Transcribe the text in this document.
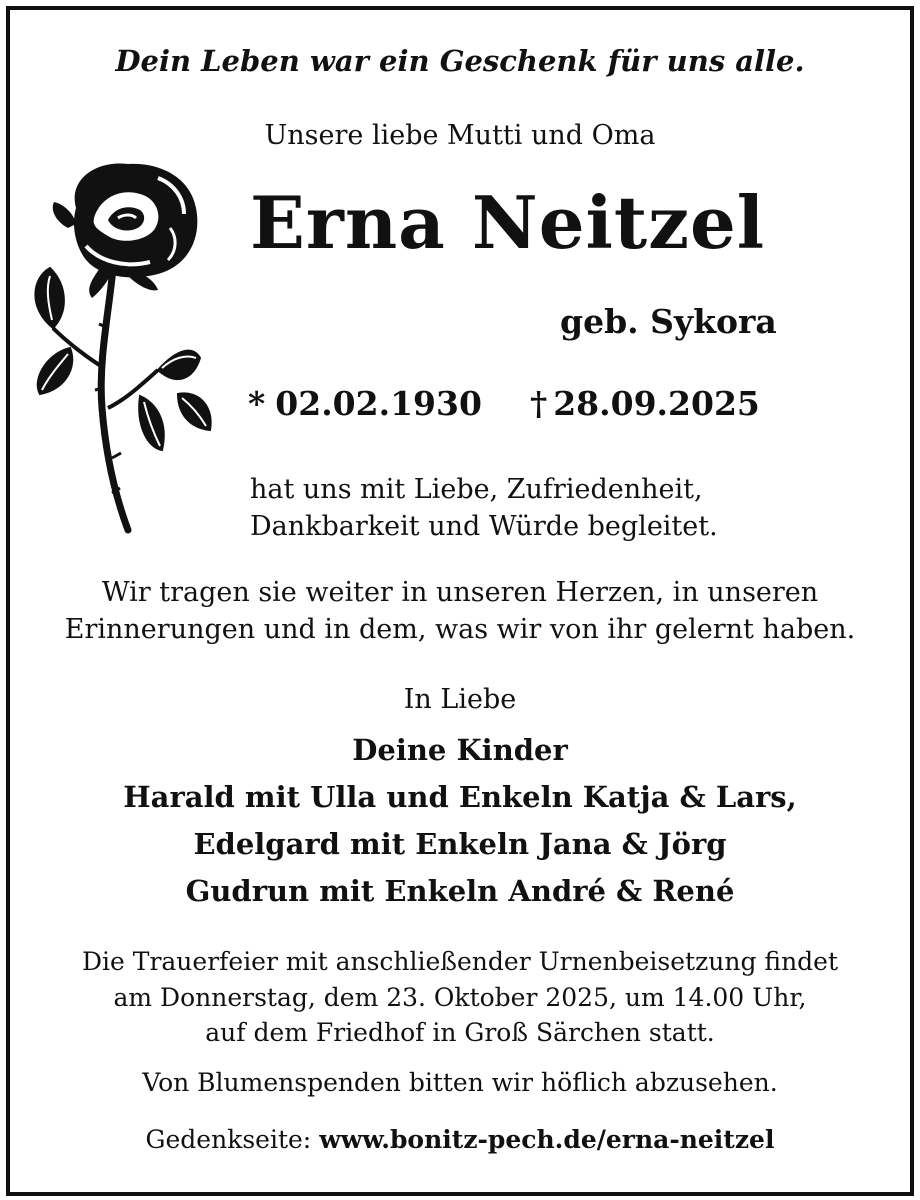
Dein Leben war ein Geschenk für uns alle.
Unsere liebe Mutti und Oma
Erna Neitzel
geb. Sykora
* 02.02.1930 † 28.09.2025
hat uns mit Liebe, Zufriedenheit,
Dankbarkeit und Würde begleitet.
Wir tragen sie weiter in unseren Herzen, in unseren
Erinnerungen und in dem, was wir von ihr gelernt haben.
In Liebe
Deine Kinder
Harald mit Ulla und Enkeln Katja & Lars,
Edelgard mit Enkeln Jana & Jörg
Gudrun mit Enkeln André & René
Die Trauerfeier mit anschließender Urnenbeisetzung findet
am Donnerstag, dem 23. Oktober 2025, um 14.00 Uhr,
auf dem Friedhof in Groß Särchen statt.
Von Blumenspenden bitten wir höflich abzusehen.
Gedenkseite: www.bonitz-pech.de/erna-neitzel
